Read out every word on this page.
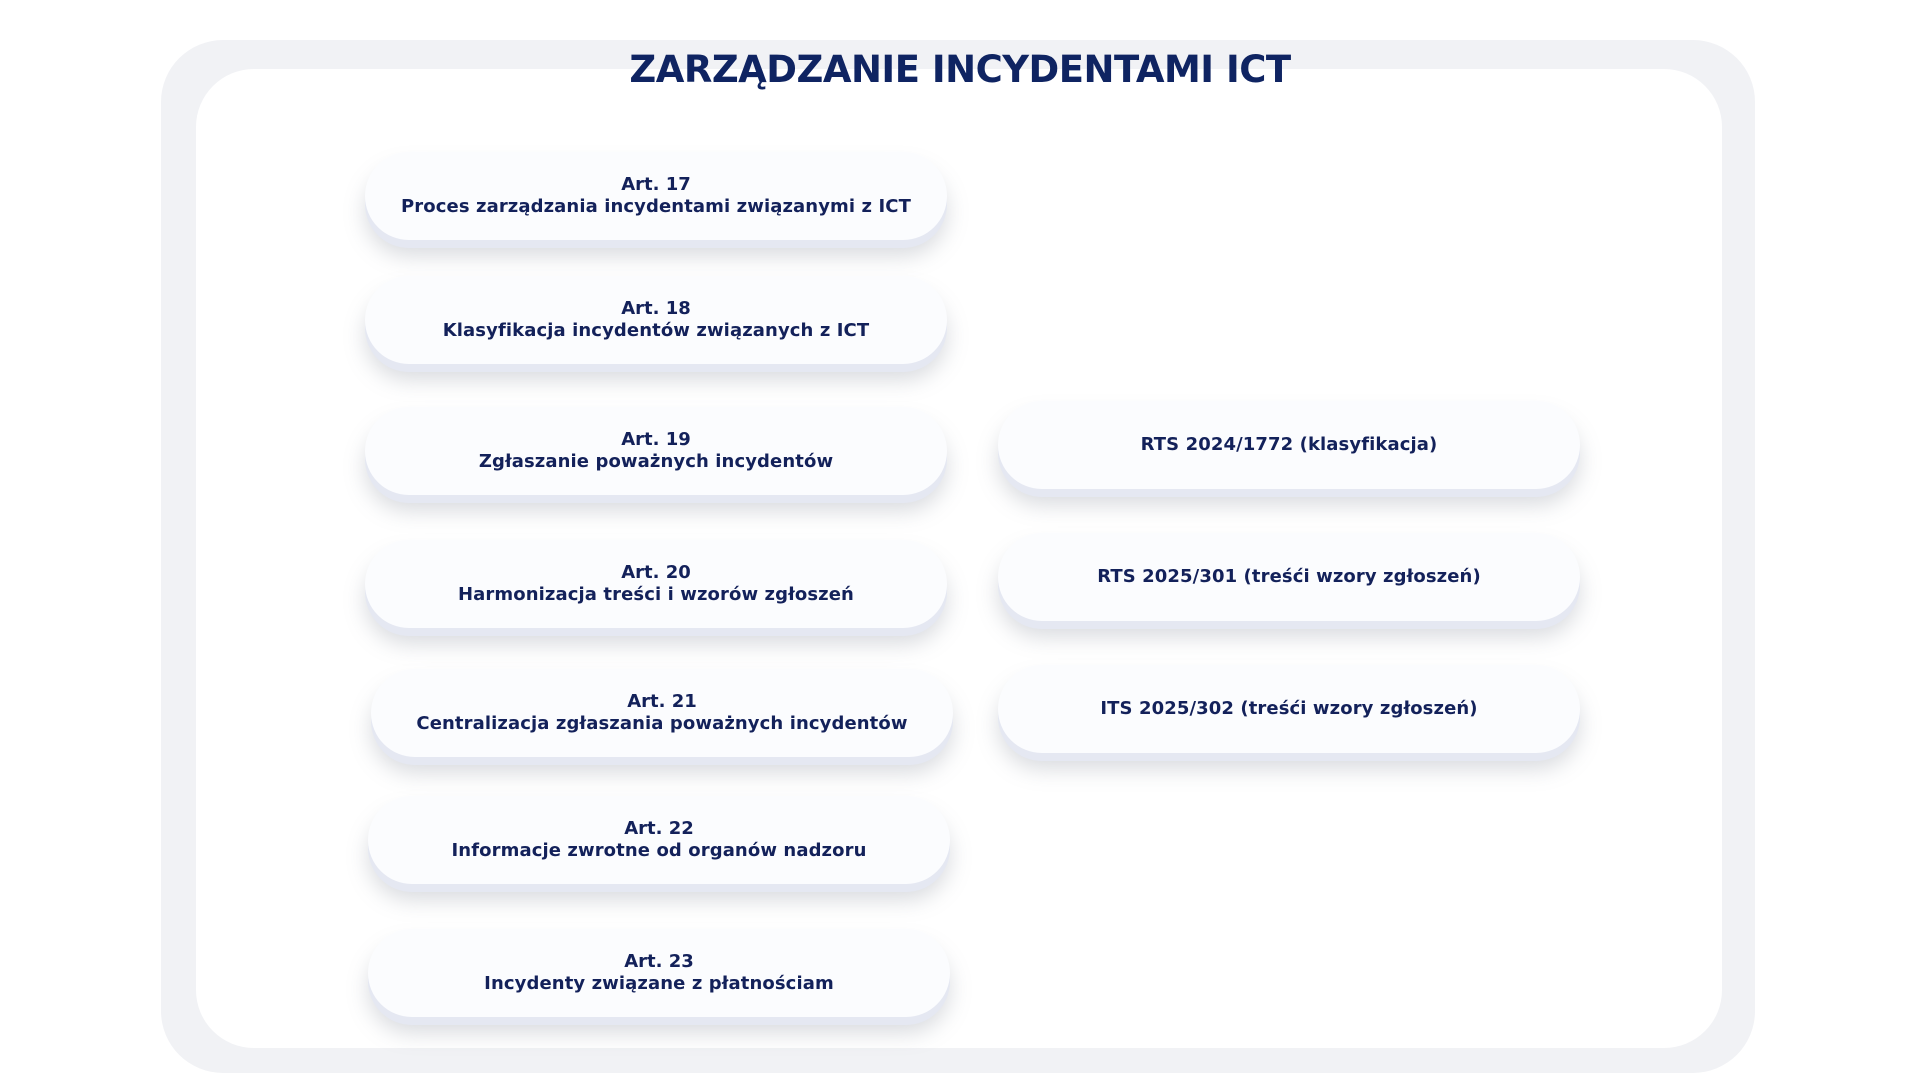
ZARZĄDZANIE INCYDENTAMI ICT
Art. 17
Proces zarządzania incydentami związanymi z ICT
Art. 18
Klasyfikacja incydentów związanych z ICT
Art. 19
Zgłaszanie poważnych incydentów
Art. 20
Harmonizacja treści i wzorów zgłoszeń
Art. 21
Centralizacja zgłaszania poważnych incydentów
Art. 22
Informacje zwrotne od organów nadzoru
Art. 23
Incydenty związane z płatnościam
RTS 2024/1772 (klasyfikacja)
RTS 2025/301 (treśći wzory zgłoszeń)
ITS 2025/302 (treśći wzory zgłoszeń)
